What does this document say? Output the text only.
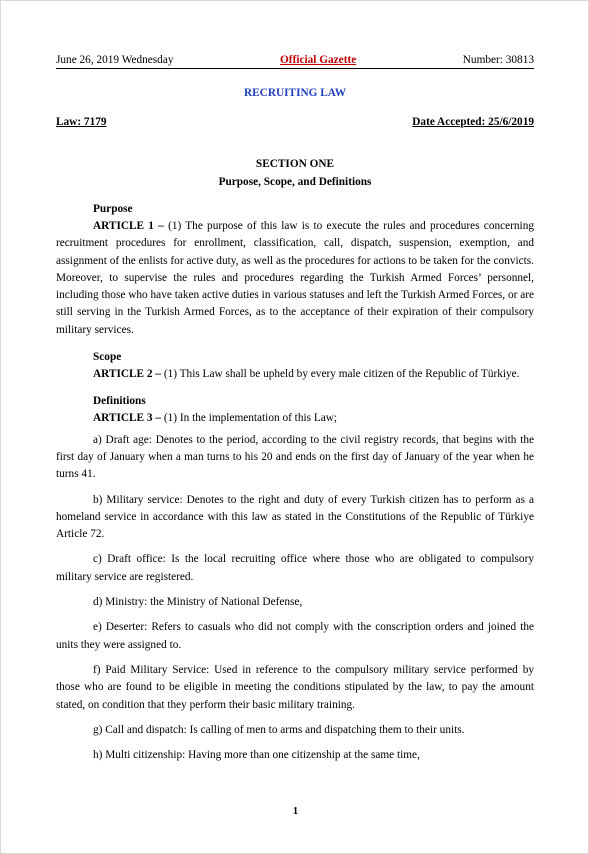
June 26, 2019 Wednesday	Official Gazette	Number: 30813
RECRUITING LAW
Law: 7179	Date Accepted: 25/6/2019
SECTION ONE
Purpose, Scope, and Definitions
Purpose

ARTICLE 1 – (1) The purpose of this law is to execute the rules and procedures concerning recruitment procedures for enrollment, classification, call, dispatch, suspension, exemption, and assignment of the enlists for active duty, as well as the procedures for actions to be taken for the convicts. Moreover, to supervise the rules and procedures regarding the Turkish Armed Forces’ personnel, including those who have taken active duties in various statuses and left the Turkish Armed Forces, or are still serving in the Turkish Armed Forces, as to the acceptance of their expiration of their compulsory military services.

Scope

ARTICLE 2 – (1) This Law shall be upheld by every male citizen of the Republic of Türkiye.

Definitions

ARTICLE 3 – (1) In the implementation of this Law;

a) Draft age: Denotes to the period, according to the civil registry records, that begins with the first day of January when a man turns to his 20 and ends on the first day of January of the year when he turns 41.

b) Military service: Denotes to the right and duty of every Turkish citizen has to perform as a homeland service in accordance with this law as stated in the Constitutions of the Republic of Türkiye Article 72.

c) Draft office: Is the local recruiting office where those who are obligated to compulsory military service are registered.

d) Ministry: the Ministry of National Defense,

e) Deserter: Refers to casuals who did not comply with the conscription orders and joined the units they were assigned to.

f) Paid Military Service: Used in reference to the compulsory military service performed by those who are found to be eligible in meeting the conditions stipulated by the law, to pay the amount stated, on condition that they perform their basic military training.

g) Call and dispatch: Is calling of men to arms and dispatching them to their units.

h) Multi citizenship: Having more than one citizenship at the same time,

1
